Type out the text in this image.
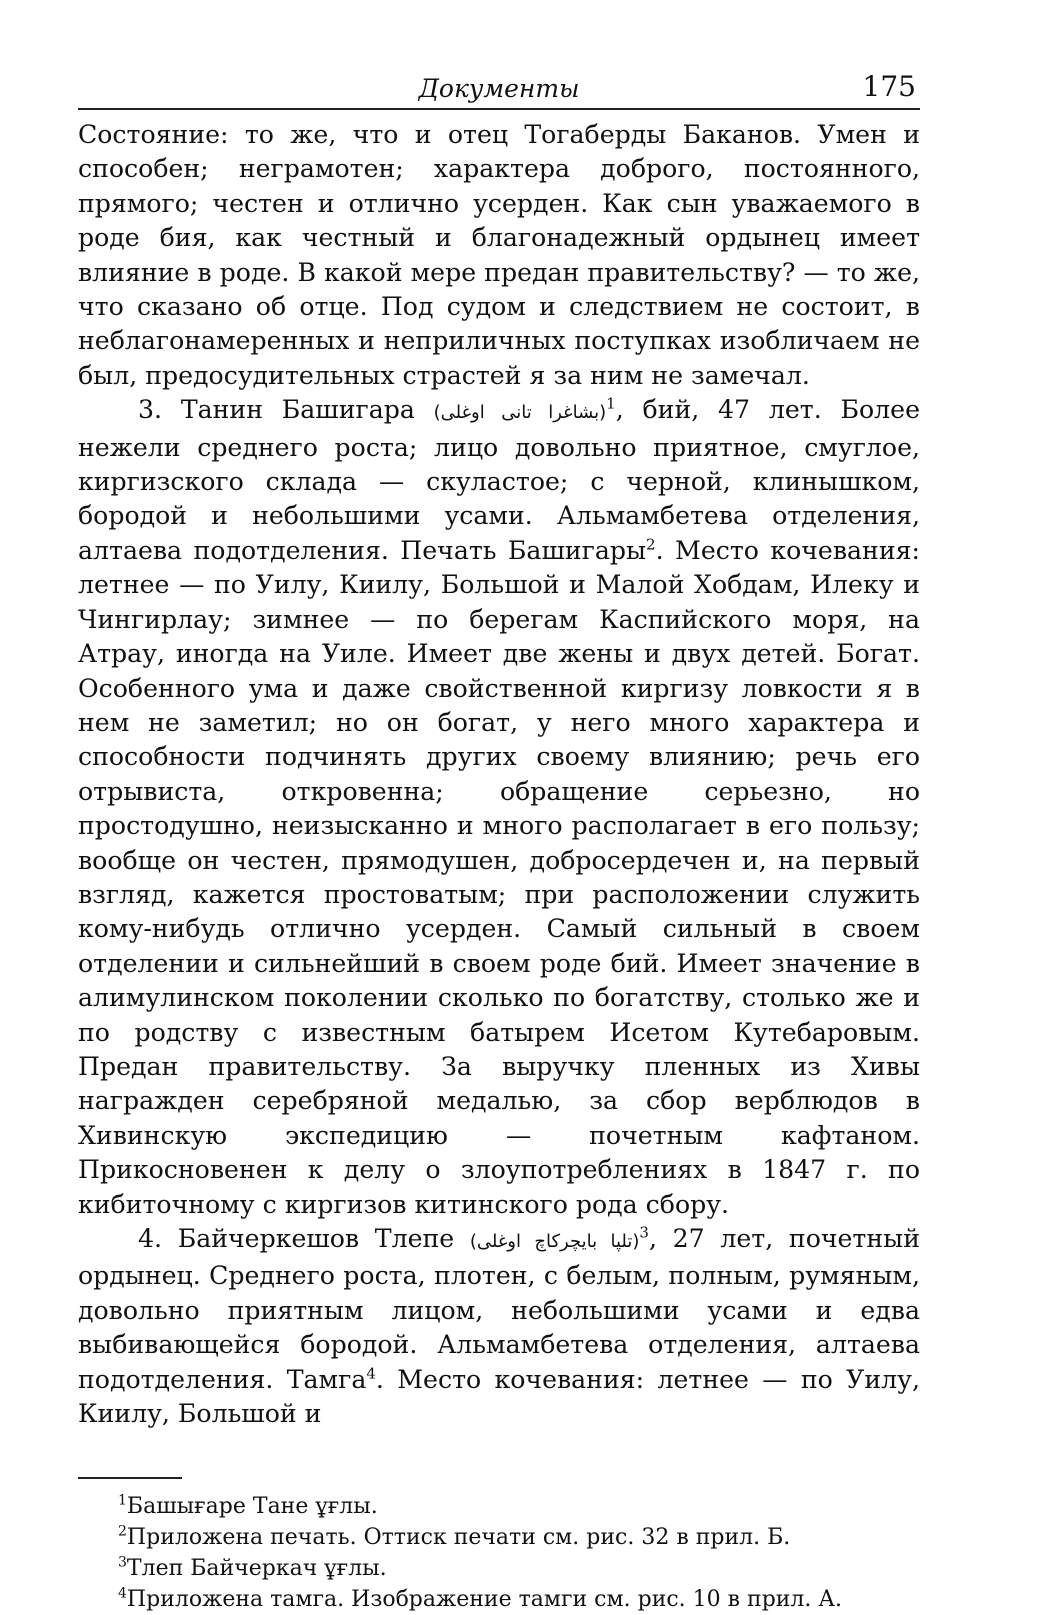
Документы	175

Состояние: то же, что и отец Тогаберды Баканов. Умен и способен; неграмотен; характера доброго, постоянного, прямого; честен и отлично усерден. Как сын уважаемого в роде бия, как честный и благонадежный ордынец имеет влияние в роде. В какой мере предан правительству? — то же, что сказано об отце. Под судом и следствием не состоит, в неблагонамеренных и неприличных поступках изобличаем не был, предосудительных страстей я за ним не замечал.

3. Танин Башигара (بشاغرا تانى اوغلى)$^1$, бий, 47 лет. Более нежели среднего роста; лицо довольно приятное, смуглое, киргизского склада — скуластое; с черной, клинышком, бородой и небольшими усами. Альмамбетева отделения, алтаева подотделения. Печать Башигары$^2$. Место кочевания: летнее — по Уилу, Киилу, Большой и Малой Хобдам, Илеку и Чингирлау; зимнее — по берегам Каспийского моря, на Атрау, иногда на Уиле. Имеет две жены и двух детей. Богат. Особенного ума и даже свойственной киргизу ловкости я в нем не заметил; но он богат, у него много характера и способности подчинять других своему влиянию; речь его отрывиста, откровенна; обращение серьезно, но простодушно, неизысканно и много располагает в его пользу; вообще он честен, прямодушен, добросердечен и, на первый взгляд, кажется простоватым; при расположении служить кому-нибудь отлично усерден. Самый сильный в своем отделении и сильнейший в своем роде бий. Имеет значение в алимулинском поколении сколько по богатству, столько же и по родству с известным батырем Исетом Кутебаровым. Предан правительству. За выручку пленных из Хивы награжден серебряной медалью, за сбор верблюдов в Хивинскую экспедицию — почетным кафтаном. Прикосновенен к делу о злоупотреблениях в 1847 г. по кибиточному с киргизов китинского рода сбору.

4. Байчеркешов Тлепе (تلپا بايچركاچ اوغلى)$^3$, 27 лет, почетный ордынец. Среднего роста, плотен, с белым, полным, румяным, довольно приятным лицом, небольшими усами и едва выбивающейся бородой. Альмамбетева отделения, алтаева подотделения. Тамга$^4$. Место кочевания: летнее — по Уилу, Киилу, Большой и

$^1$Башығаре Тане ұғлы.
$^2$Приложена печать. Оттиск печати см. рис. 32 в прил. Б.
$^3$Тлеп Байчеркач ұғлы.
$^4$Приложена тамга. Изображение тамги см. рис. 10 в прил. А.
